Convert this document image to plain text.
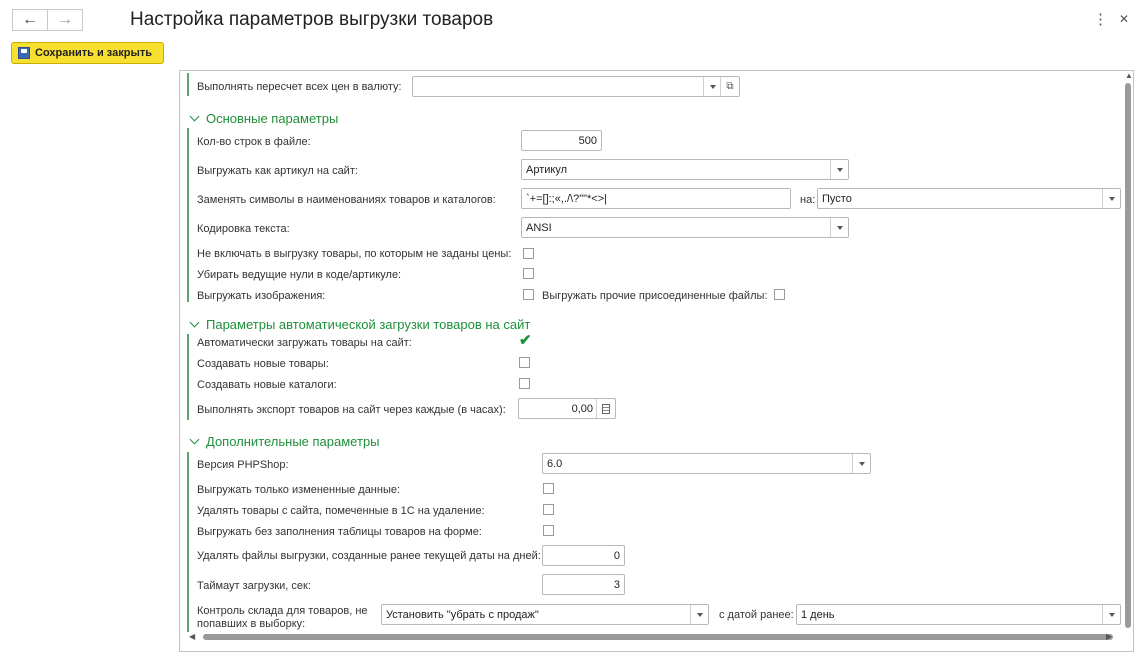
← →	Настройка параметров выгрузки товаров	⋮ ✕
Сохранить и закрыть
Выполнять пересчет всех цен в валюту:	⧉
Основные параметры
Кол-во строк в файле:	500
Выгружать как артикул на сайт:	Артикул
Заменять символы в наименованиях товаров и каталогов:	`+=[]:;«,./\?""*<>|	на: Пусто
Кодировка текста:	ANSI
Не включать в выгрузку товары, по которым не заданы цены:
Убирать ведущие нули в коде/артикуле:
Выгружать изображения:	Выгружать прочие присоединенные файлы:
Параметры автоматической загрузки товаров на сайт
Автоматически загружать товары на сайт:	✔
Создавать новые товары:
Создавать новые каталоги:
Выполнять экспорт товаров на сайт через каждые (в часах):	0,00
Дополнительные параметры
Версия PHPShop:	6.0
Выгружать только измененные данные:
Удалять товары с сайта, помеченные в 1С на удаление:
Выгружать без заполнения таблицы товаров на форме:
Удалять файлы выгрузки, созданные ранее текущей даты на дней:	0
Таймаут загрузки, сек:	3
Контроль склада для товаров, не
попавших в выборку:
Установить "убрать с продаж"	с датой ранее: 1 день
▲
◀	▶
